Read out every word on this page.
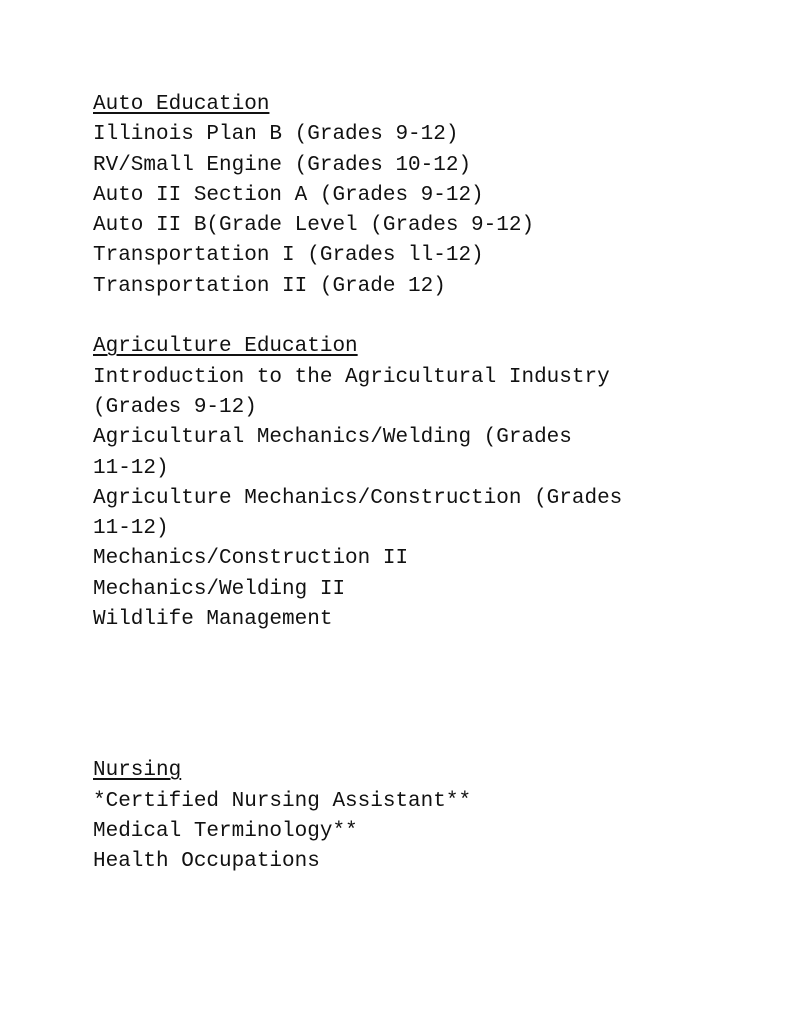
Auto Education
Illinois Plan B (Grades 9-12)
RV/Small Engine (Grades 10-12)
Auto II Section A (Grades 9-12)
Auto II B(Grade Level (Grades 9-12)
Transportation I (Grades ll-12)
Transportation II (Grade 12)
Agriculture Education
Introduction to the Agricultural Industry
(Grades 9-12)
Agricultural Mechanics/Welding (Grades
11-12)
Agriculture Mechanics/Construction (Grades
11-12)
Mechanics/Construction II
Mechanics/Welding II
Wildlife Management
Nursing
*Certified Nursing Assistant**
Medical Terminology**
Health Occupations
